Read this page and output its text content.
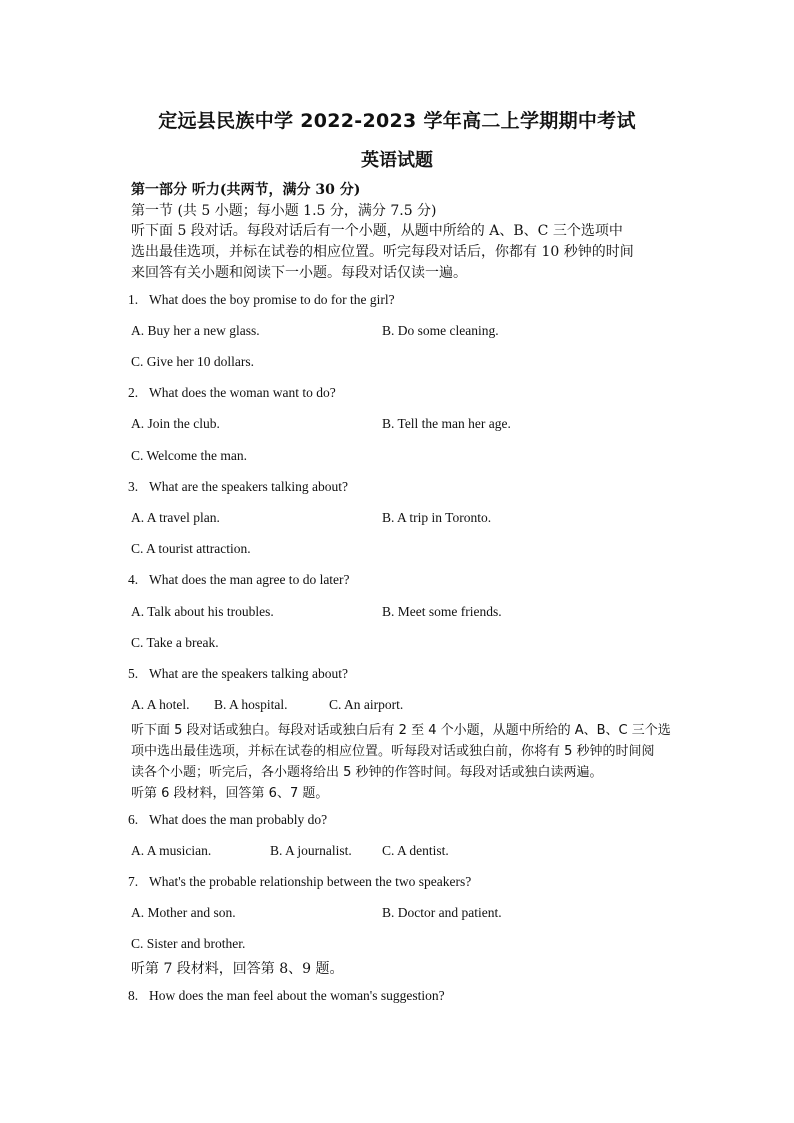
定远县民族中学 2022-2023 学年高二上学期期中考试
英语试题
第一部分 听力(共两节，满分 30 分)
第一节 (共 5 小题；每小题 1.5 分，满分 7.5 分)
听下面 5 段对话。每段对话后有一个小题，从题中所给的 A、B、C 三个选项中
选出最佳选项，并标在试卷的相应位置。听完每段对话后，你都有 10 秒钟的时间
来回答有关小题和阅读下一小题。每段对话仅读一遍。
1. What does the boy promise to do for the girl?
A. Buy her a new glass.	B. Do some cleaning.
C. Give her 10 dollars.
2. What does the woman want to do?
A. Join the club.	B. Tell the man her age.
C. Welcome the man.
3. What are the speakers talking about?
A. A travel plan.	B. A trip in Toronto.
C. A tourist attraction.
4. What does the man agree to do later?
A. Talk about his troubles.	B. Meet some friends.
C. Take a break.
5. What are the speakers talking about?
A. A hotel. B. A hospital.	C. An airport.
听下面 5 段对话或独白。每段对话或独白后有 2 至 4 个小题，从题中所给的 A、B、C 三个选
项中选出最佳选项，并标在试卷的相应位置。听每段对话或独白前，你将有 5 秒钟的时间阅
读各个小题；听完后，各小题将给出 5 秒钟的作答时间。每段对话或独白读两遍。
听第 6 段材料，回答第 6、7 题。
6. What does the man probably do?
A. A musician.	B. A journalist. C. A dentist.
7. What's the probable relationship between the two speakers?
A. Mother and son.	B. Doctor and patient.
C. Sister and brother.
听第 7 段材料，回答第 8、9 题。
8. How does the man feel about the woman's suggestion?
